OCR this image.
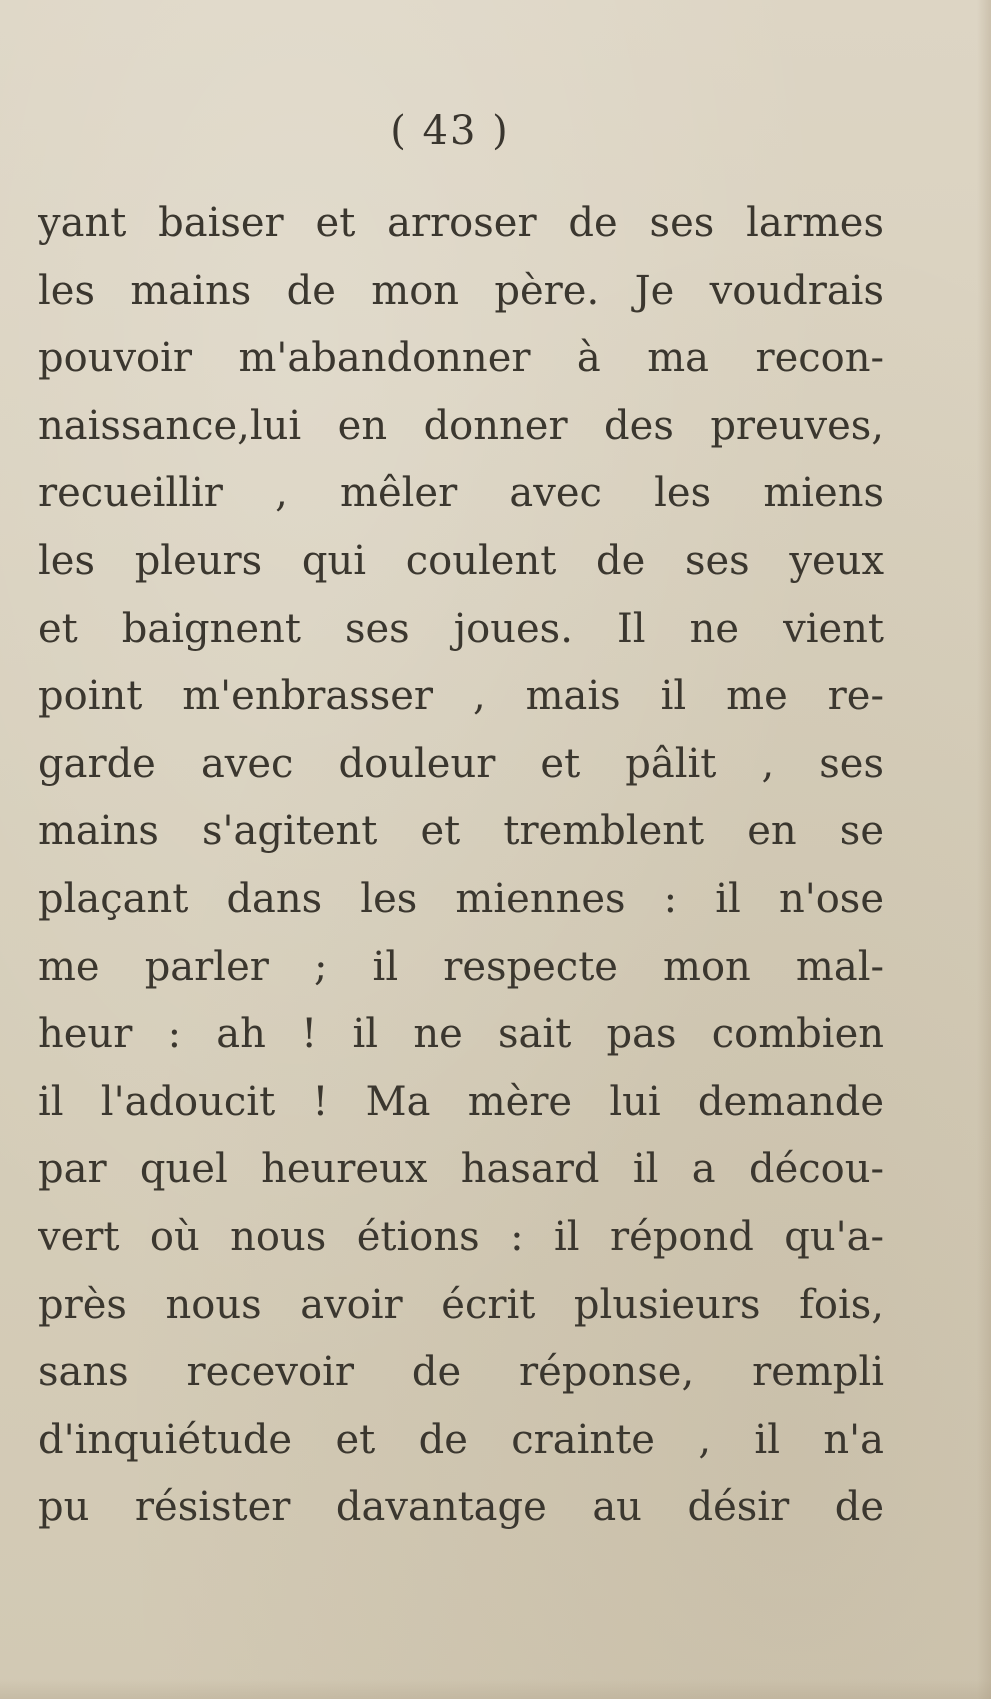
( 43 )
yant baiser et arroser de ses larmes
les mains de mon père. Je voudrais
pouvoir m'abandonner à ma recon-
naissance,lui en donner des preuves,
recueillir , mêler avec les miens
les pleurs qui coulent de ses yeux
et baignent ses joues. Il ne vient
point m'enbrasser , mais il me re-
garde avec douleur et pâlit , ses
mains s'agitent et tremblent en se
plaçant dans les miennes : il n'ose
me parler ; il respecte mon mal-
heur : ah ! il ne sait pas combien
il l'adoucit ! Ma mère lui demande
par quel heureux hasard il a décou-
vert où nous étions : il répond qu'a-
près nous avoir écrit plusieurs fois,
sans recevoir de réponse, rempli
d'inquiétude et de crainte , il n'a
pu résister davantage au désir de
